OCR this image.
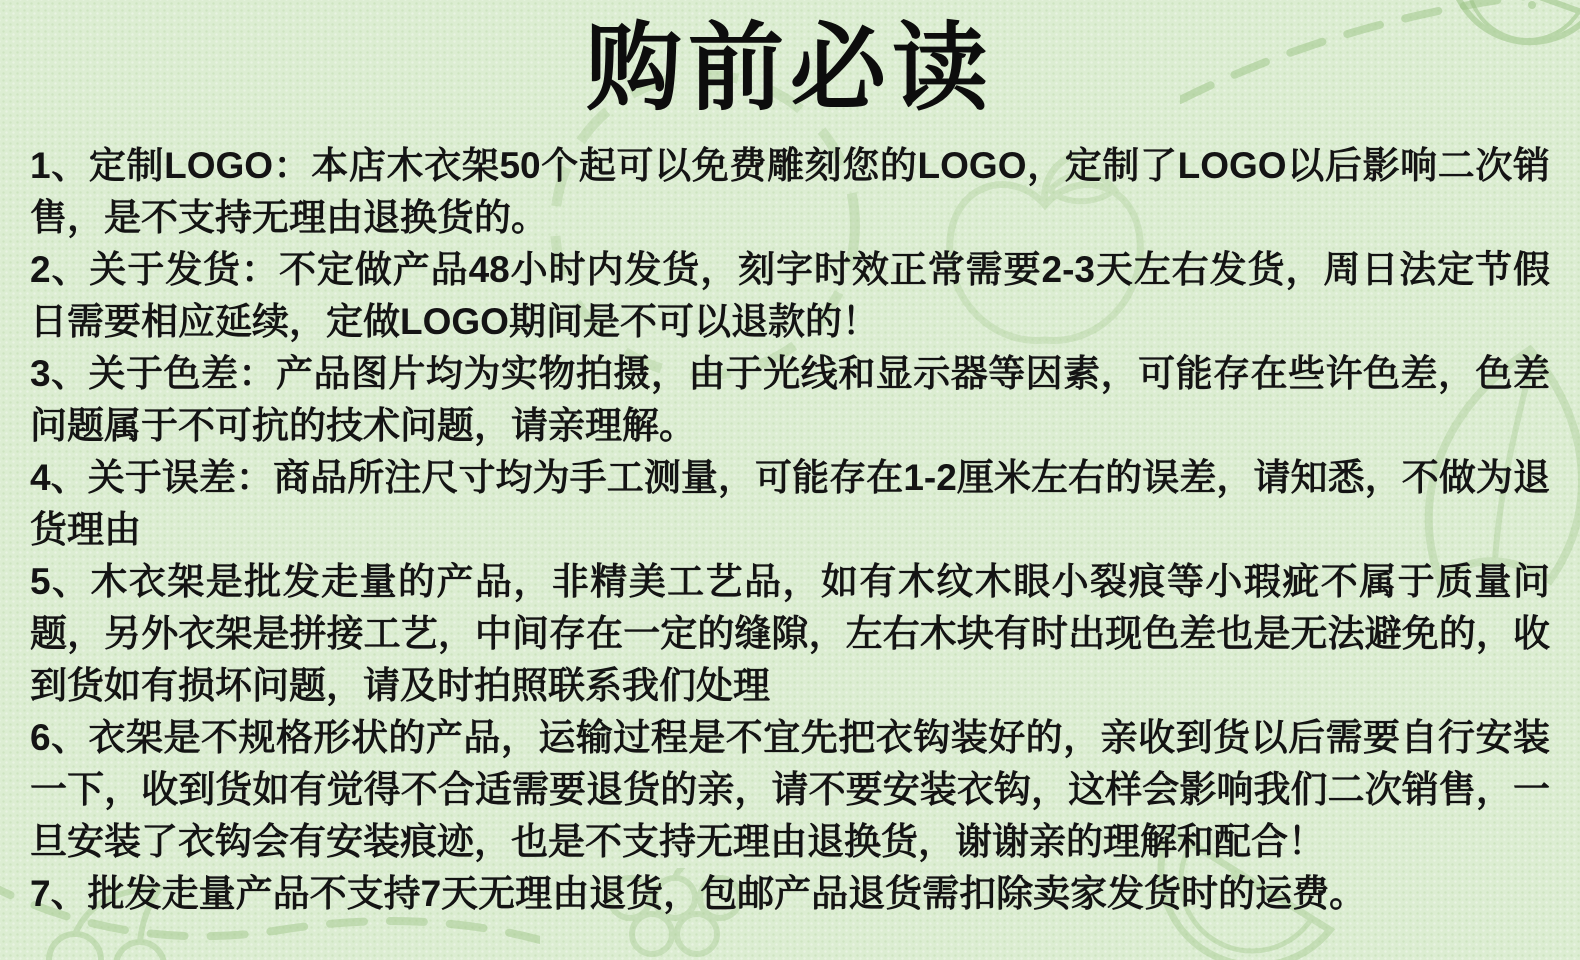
购前必读

1、定制LOGO：本店木衣架50个起可以免费雕刻您的LOGO，定制了LOGO以后影响二次销售，是不支持无理由退换货的。

2、关于发货：不定做产品48小时内发货，刻字时效正常需要2-3天左右发货，周日法定节假日需要相应延续，定做LOGO期间是不可以退款的！

3、关于色差：产品图片均为实物拍摄，由于光线和显示器等因素，可能存在些许色差，色差问题属于不可抗的技术问题，请亲理解。

4、关于误差：商品所注尺寸均为手工测量，可能存在1-2厘米左右的误差，请知悉，不做为退货理由

5、木衣架是批发走量的产品，非精美工艺品，如有木纹木眼小裂痕等小瑕疵不属于质量问题，另外衣架是拼接工艺，中间存在一定的缝隙，左右木块有时出现色差也是无法避免的，收到货如有损坏问题，请及时拍照联系我们处理

6、衣架是不规格形状的产品，运输过程是不宜先把衣钩装好的，亲收到货以后需要自行安装一下，收到货如有觉得不合适需要退货的亲，请不要安装衣钩，这样会影响我们二次销售，一旦安装了衣钩会有安装痕迹，也是不支持无理由退换货，谢谢亲的理解和配合！

7、批发走量产品不支持7天无理由退货，包邮产品退货需扣除卖家发货时的运费。
